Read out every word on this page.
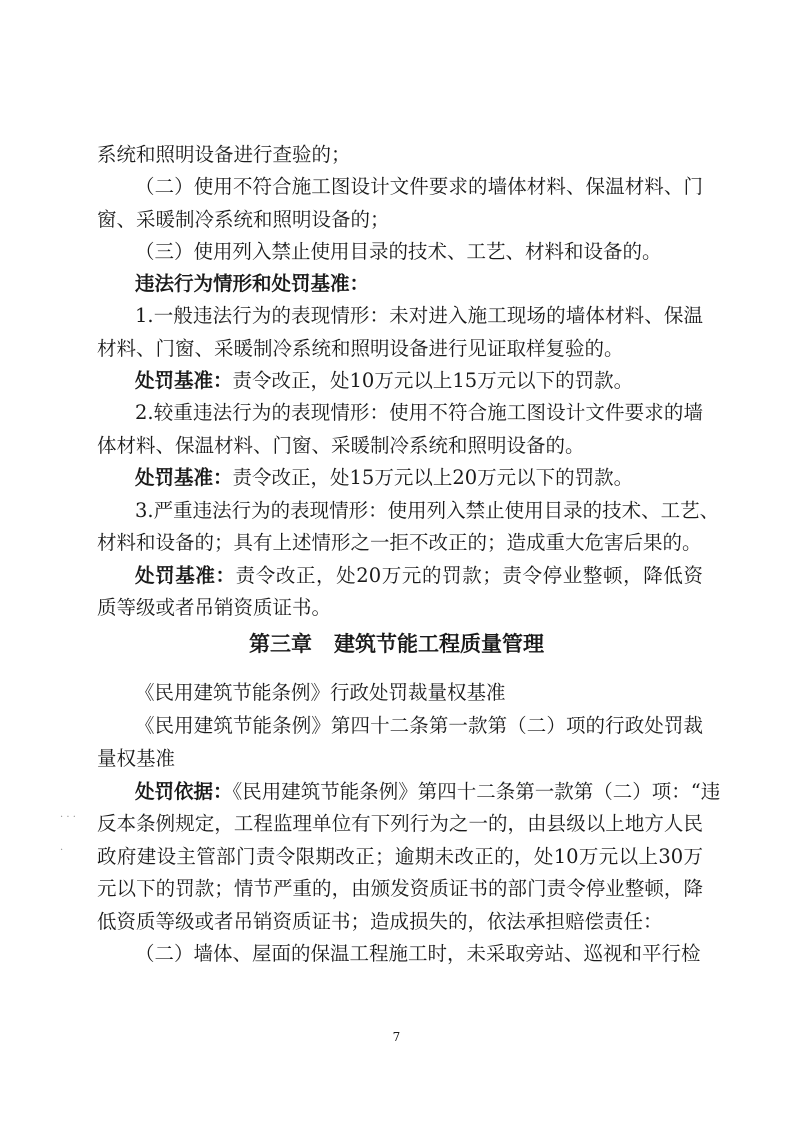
系统和照明设备进行查验的；
（二）使用不符合施工图设计文件要求的墙体材料、保温材料、门
窗、采暖制冷系统和照明设备的；
（三）使用列入禁止使用目录的技术、工艺、材料和设备的。
违法行为情形和处罚基准：
1.一般违法行为的表现情形：未对进入施工现场的墙体材料、保温
材料、门窗、采暖制冷系统和照明设备进行见证取样复验的。
处罚基准：责令改正，处10万元以上15万元以下的罚款。
2.较重违法行为的表现情形：使用不符合施工图设计文件要求的墙
体材料、保温材料、门窗、采暖制冷系统和照明设备的。
处罚基准：责令改正，处15万元以上20万元以下的罚款。
3.严重违法行为的表现情形：使用列入禁止使用目录的技术、工艺、
材料和设备的；具有上述情形之一拒不改正的；造成重大危害后果的。
处罚基准：责令改正，处20万元的罚款；责令停业整顿，降低资
质等级或者吊销资质证书。
第三章 建筑节能工程质量管理
《民用建筑节能条例》行政处罚裁量权基准
《民用建筑节能条例》第四十二条第一款第（二）项的行政处罚裁
量权基准
处罚依据：《民用建筑节能条例》第四十二条第一款第（二）项：“违
反本条例规定，工程监理单位有下列行为之一的，由县级以上地方人民
政府建设主管部门责令限期改正；逾期未改正的，处10万元以上30万
元以下的罚款；情节严重的，由颁发资质证书的部门责令停业整顿，降
低资质等级或者吊销资质证书；造成损失的，依法承担赔偿责任：
（二）墙体、屋面的保温工程施工时，未采取旁站、巡视和平行检
· · ·
·
7
